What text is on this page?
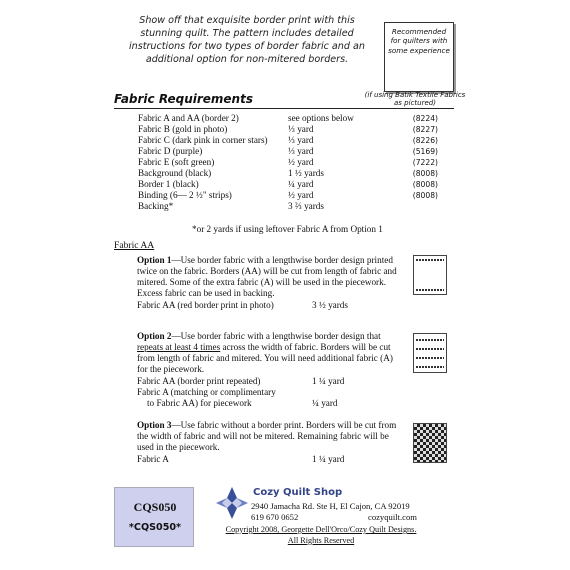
Show off that exquisite border print with this stunning quilt. The pattern includes detailed instructions for two types of border fabric and an additional option for non-mitered borders.
Recommended for quilters with some experience
Fabric Requirements	(if using Batik Textile Fabrics as pictured)
Fabric A and AA (border 2)	see options below	(8224)
Fabric B (gold in photo)	⅓ yard	(8227)
Fabric C (dark pink in corner stars)	⅓ yard	(8226)
Fabric D (purple)	⅓ yard	(5169)
Fabric E (soft green)	½ yard	(7222)
Background (black)	1 ½ yards	(8008)
Border 1 (black)	¼ yard	(8008)
Binding (6— 2 ½" strips)	½ yard	(8008)
Backing*	3 ⅔ yards	
*or 2 yards if using leftover Fabric A from Option 1
Fabric AA
Option 1—Use border fabric with a lengthwise border design printed twice on the fabric. Borders (AA) will be cut from length of fabric and mitered. Some of the extra fabric (A) will be used in the piecework. Excess fabric can be used in backing.
Fabric AA (red border print in photo)	3 ½ yards
Option 2—Use border fabric with a lengthwise border design that repeats at least 4 times across the width of fabric. Borders will be cut from length of fabric and mitered. You will need additional fabric (A) for the piecework.
Fabric AA (border print repeated)	1 ¼ yard
Fabric A (matching or complimentary
to Fabric AA) for piecework	¼ yard
Option 3—Use fabric without a border print. Borders will be cut from the width of fabric and will not be mitered. Remaining fabric will be used in the piecework.
Fabric A	1 ¼ yard
CQS050
*CQS050*
Cozy Quilt Shop
2940 Jamacha Rd. Ste H, El Cajon, CA 92019
619 670 0652	cozyquilt.com
Copyright 2008, Georgette Dell'Orco/Cozy Quilt Designs.
All Rights Reserved
